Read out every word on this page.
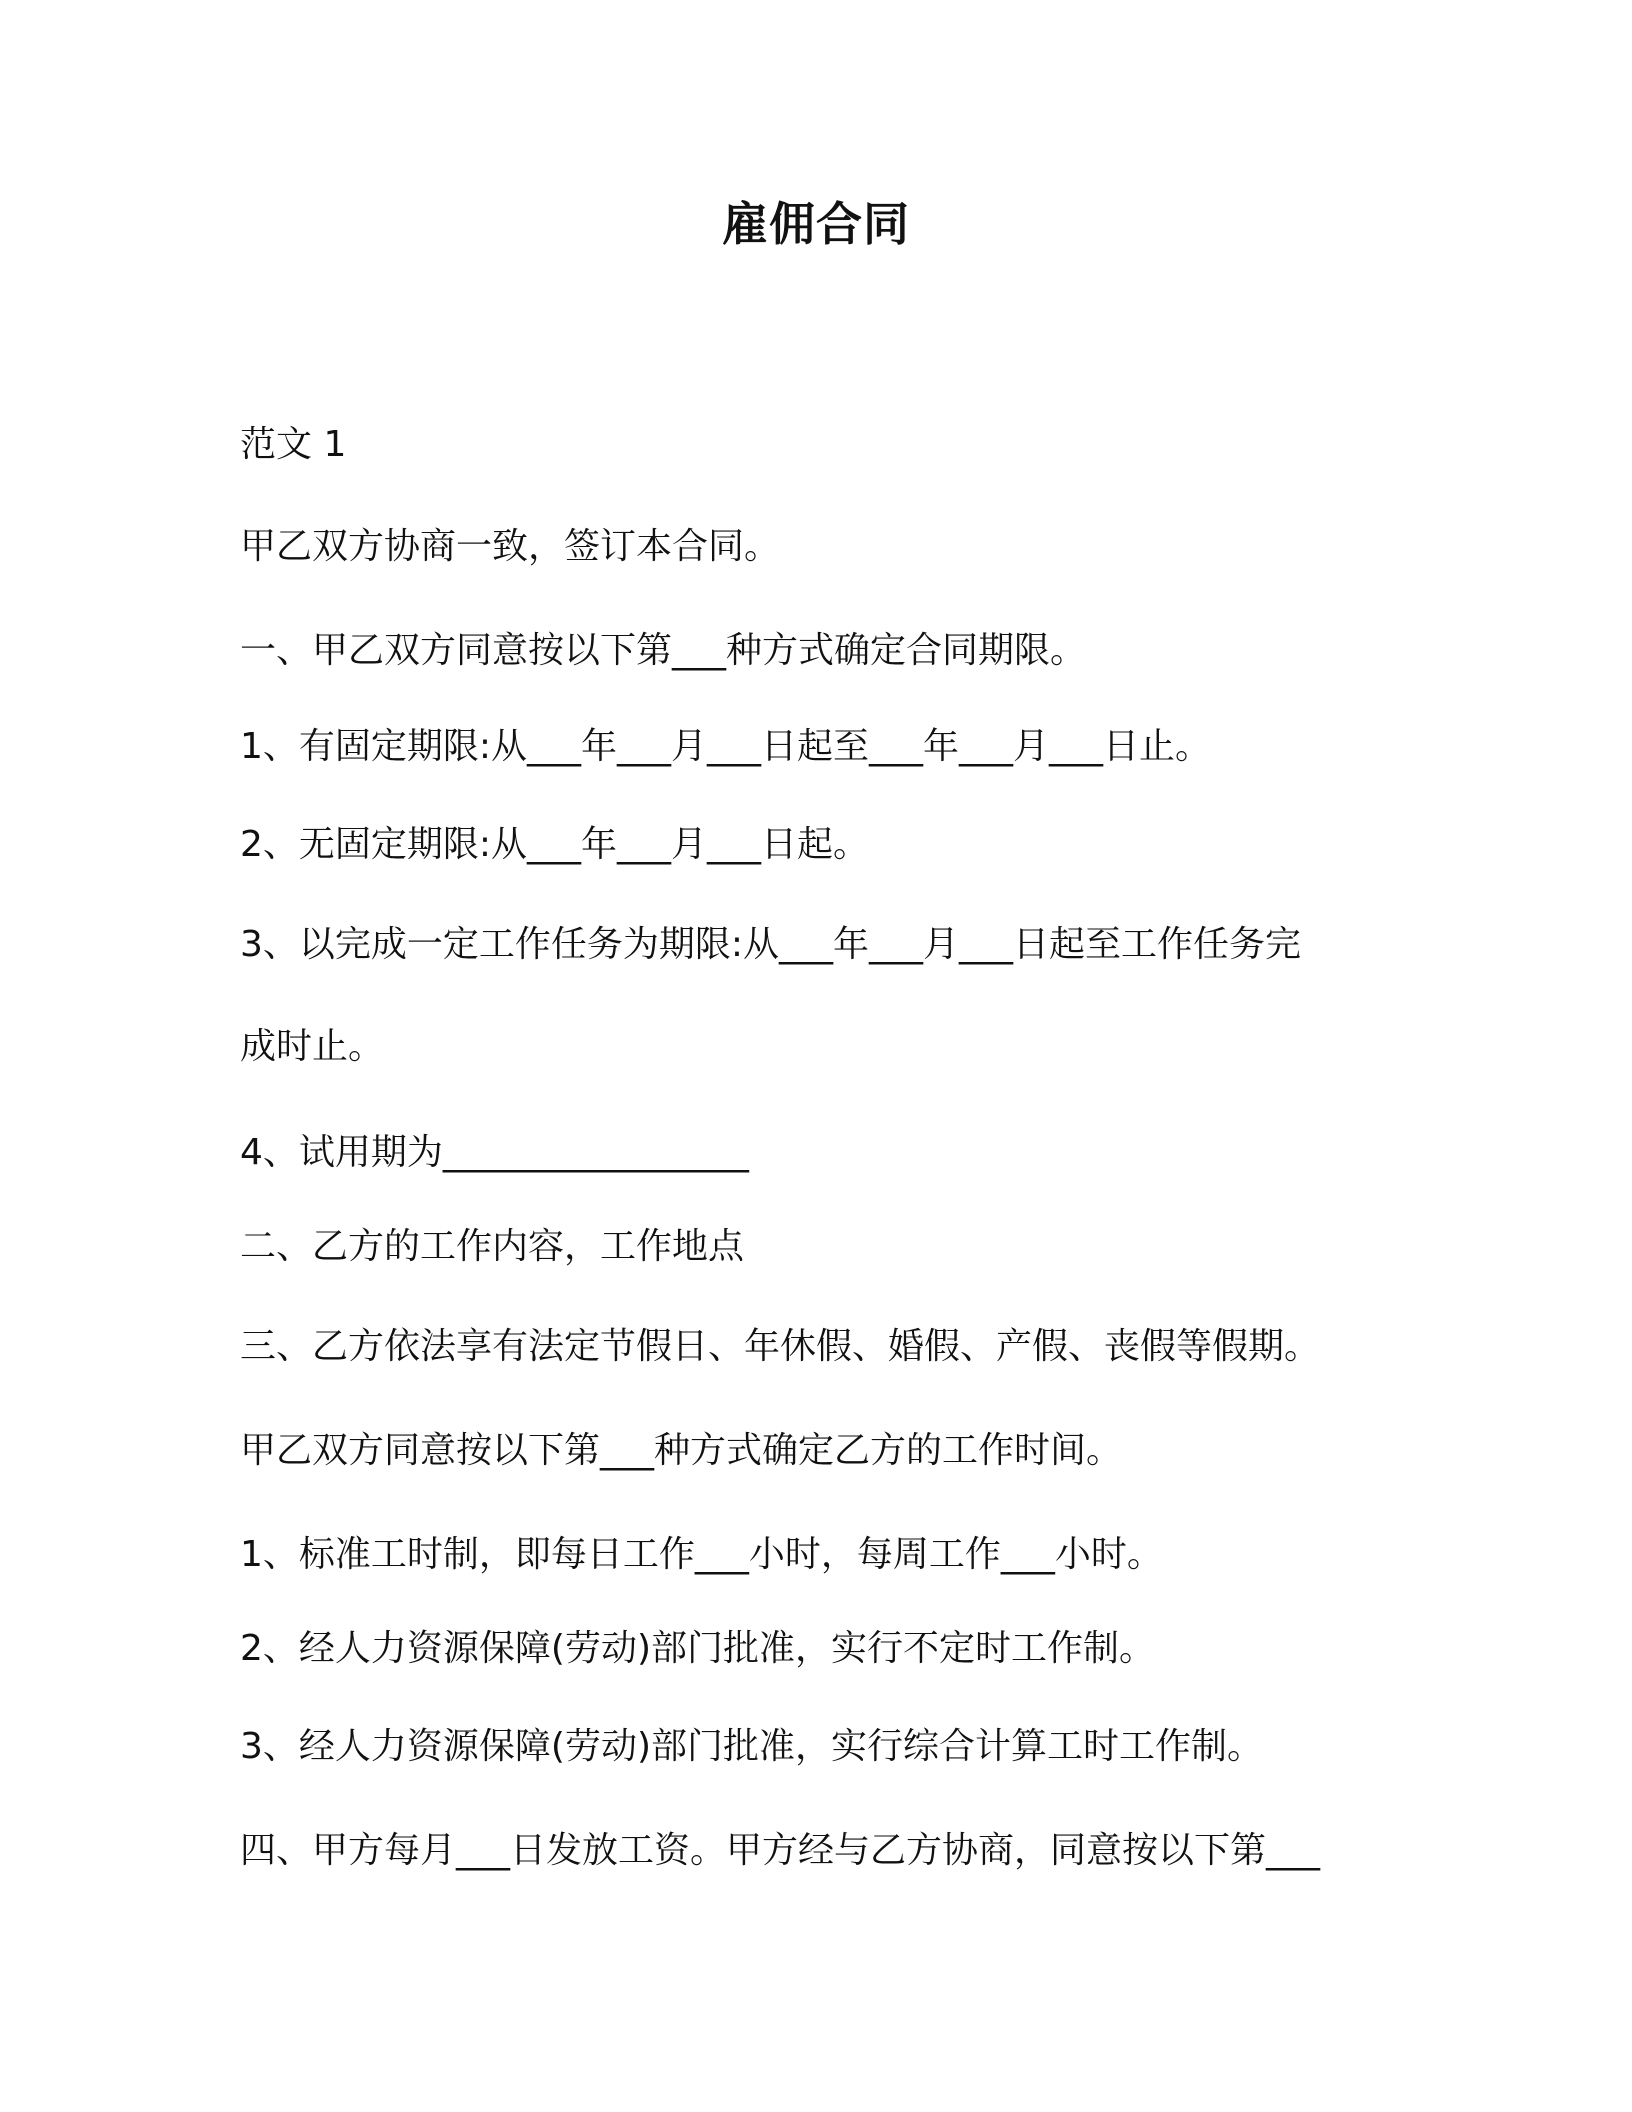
雇佣合同
范文 1
甲乙双方协商一致，签订本合同。
一、甲乙双方同意按以下第___种方式确定合同期限。
1、有固定期限:从___年___月___日起至___年___月___日止。
2、无固定期限:从___年___月___日起。
3、以完成一定工作任务为期限:从___年___月___日起至工作任务完
成时止。
4、试用期为_________________
二、乙方的工作内容，工作地点
三、乙方依法享有法定节假日、年休假、婚假、产假、丧假等假期。
甲乙双方同意按以下第___种方式确定乙方的工作时间。
1、标准工时制，即每日工作___小时，每周工作___小时。
2、经人力资源保障(劳动)部门批准，实行不定时工作制。
3、经人力资源保障(劳动)部门批准，实行综合计算工时工作制。
四、甲方每月___日发放工资。甲方经与乙方协商，同意按以下第___
